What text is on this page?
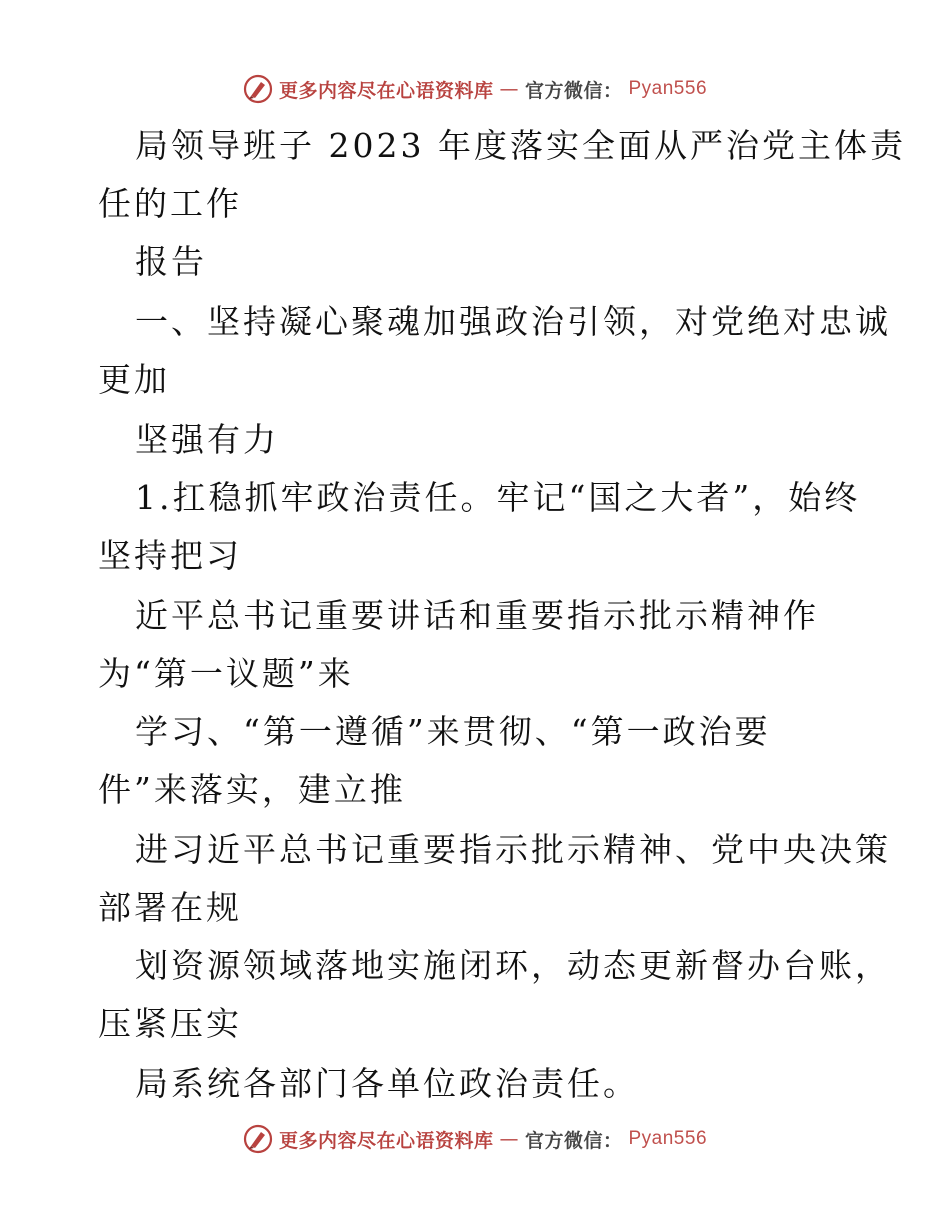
更多内容尽在心语资料库 — 官方微信： Pyan556
局领导班子 2023 年度落实全面从严治党主体责
任的工作
报告
一、坚持凝心聚魂加强政治引领，对党绝对忠诚
更加
坚强有力
1.扛稳抓牢政治责任。牢记“国之大者”，始终
坚持把习
近平总书记重要讲话和重要指示批示精神作
为“第一议题”来
学习、“第一遵循”来贯彻、“第一政治要
件”来落实，建立推
进习近平总书记重要指示批示精神、党中央决策
部署在规
划资源领域落地实施闭环，动态更新督办台账，
压紧压实
局系统各部门各单位政治责任。
更多内容尽在心语资料库 — 官方微信： Pyan556
